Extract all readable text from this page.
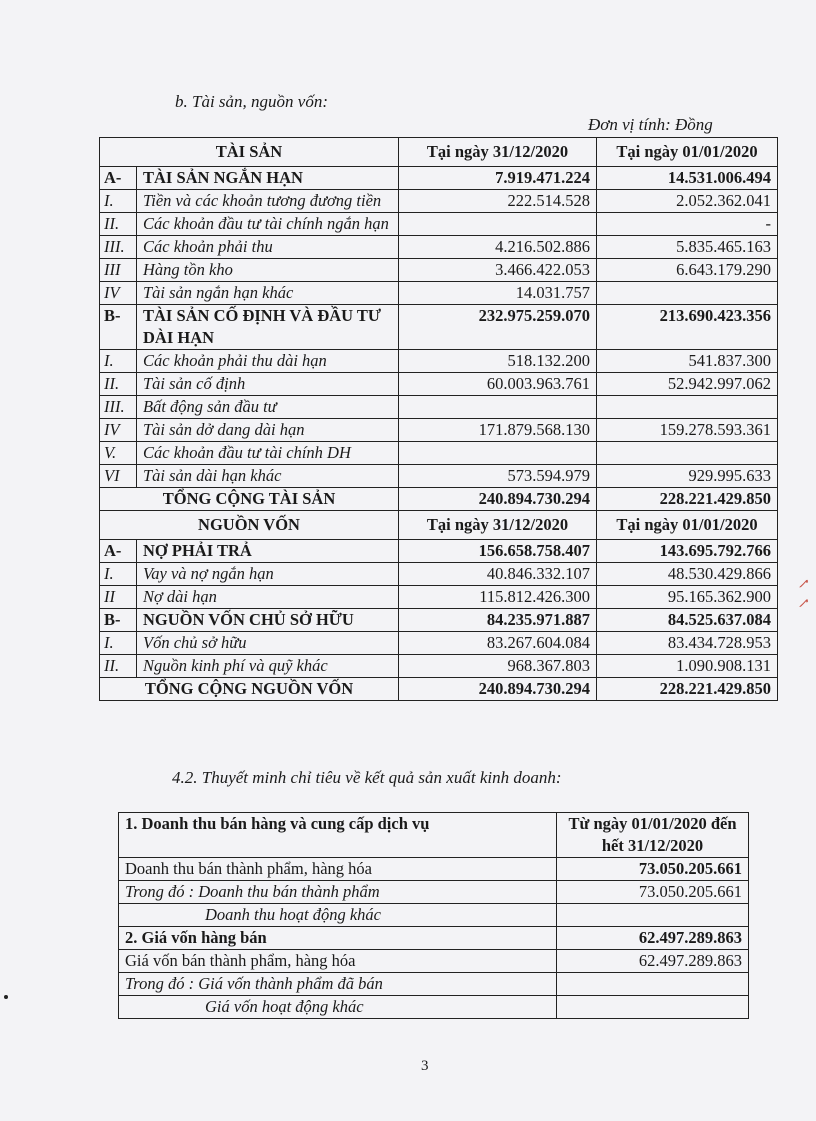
b. Tài sản, nguồn vốn:
Đơn vị tính: Đồng
TÀI SẢN		Tại ngày 31/12/2020	Tại ngày 01/01/2020
A-	TÀI SẢN NGẮN HẠN	7.919.471.224	14.531.006.494
I.	Tiền và các khoản tương đương tiền	222.514.528	2.052.362.041
II.	Các khoản đầu tư tài chính ngắn hạn		-
III.	Các khoản phải thu	4.216.502.886	5.835.465.163
III	Hàng tồn kho	3.466.422.053	6.643.179.290
IV	Tài sản ngắn hạn khác	14.031.757	
B-	TÀI SẢN CỐ ĐỊNH VÀ ĐẦU TƯ DÀI HẠN	232.975.259.070	213.690.423.356
I.	Các khoản phải thu dài hạn	518.132.200	541.837.300
II.	Tài sản cố định	60.003.963.761	52.942.997.062
III.	Bất động sản đầu tư		
IV	Tài sản dở dang dài hạn	171.879.568.130	159.278.593.361
V.	Các khoản đầu tư tài chính DH		
VI	Tài sản dài hạn khác	573.594.979	929.995.633
TỔNG CỘNG TÀI SẢN		240.894.730.294	228.221.429.850
NGUỒN VỐN		Tại ngày 31/12/2020	Tại ngày 01/01/2020
A-	NỢ PHẢI TRẢ	156.658.758.407	143.695.792.766
I.	Vay và nợ ngắn hạn	40.846.332.107	48.530.429.866
II	Nợ dài hạn	115.812.426.300	95.165.362.900
B-	NGUỒN VỐN CHỦ SỞ HỮU	84.235.971.887	84.525.637.084
I.	Vốn chủ sở hữu	83.267.604.084	83.434.728.953
II.	Nguồn kinh phí và quỹ khác	968.367.803	1.090.908.131
TỔNG CỘNG NGUỒN VỐN		240.894.730.294	228.221.429.850
4.2. Thuyết minh chỉ tiêu về kết quả sản xuất kinh doanh:
1. Doanh thu bán hàng và cung cấp dịch vụ	Từ ngày 01/01/2020 đến hết 31/12/2020
Doanh thu bán thành phẩm, hàng hóa	73.050.205.661
Trong đó : Doanh thu bán thành phẩm	73.050.205.661
Doanh thu hoạt động khác	
2. Giá vốn hàng bán	62.497.289.863
Giá vốn bán thành phẩm, hàng hóa	62.497.289.863
Trong đó : Giá vốn thành phẩm đã bán	
Giá vốn hoạt động khác	
3
✓ ✓
